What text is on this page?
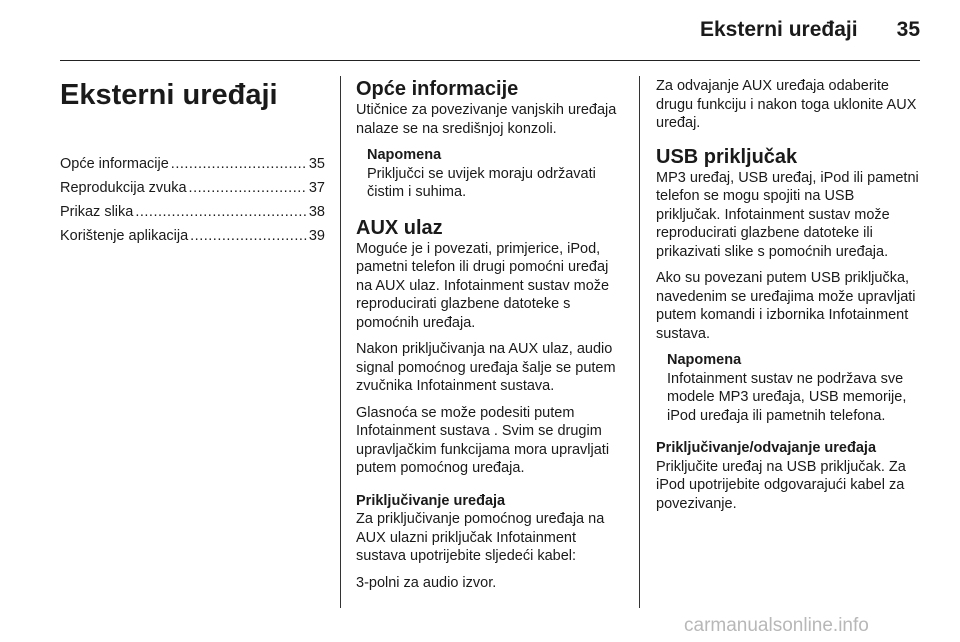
Eksterni uređaji	35
Eksterni uređaji
Opće informacije .....	35
Reprodukcija zvuka .....	37
Prikaz slika .....	38
Korištenje aplikacija .....	39
Opće informacije

Utičnice za povezivanje vanjskih uređaja nalaze se na središnjoj konzoli.

Napomena
Priključci se uvijek moraju održavati čistim i suhima.
AUX ulaz

Moguće je i povezati, primjerice, iPod, pametni telefon ili drugi pomoćni uređaj na AUX ulaz. Infotainment sustav može reproducirati glazbene datoteke s pomoćnih uređaja.

Nakon priključivanja na AUX ulaz, audio signal pomoćnog uređaja šalje se putem zvučnika Infotainment sustava.

Glasnoća se može podesiti putem Infotainment sustava . Svim se drugim upravljačkim funkcijama mora upravljati putem pomoćnog uređaja.

Priključivanje uređaja

Za priključivanje pomoćnog uređaja na AUX ulazni priključak Infotainment sustava upotrijebite sljedeći kabel:

3-polni za audio izvor.

Za odvajanje AUX uređaja odaberite drugu funkciju i nakon toga uklonite AUX uređaj.

USB priključak

MP3 uređaj, USB uređaj, iPod ili pametni telefon se mogu spojiti na USB priključak. Infotainment sustav može reproducirati glazbene datoteke ili prikazivati slike s pomoćnih uređaja.

Ako su povezani putem USB priključka, navedenim se uređajima može upravljati putem komandi i izbornika Infotainment sustava.

Napomena
Infotainment sustav ne podržava sve modele MP3 uređaja, USB memorije, iPod uređaja ili pametnih telefona.
Priključivanje/odvajanje uređaja

Priključite uređaj na USB priključak. Za iPod upotrijebite odgovarajući kabel za povezivanje.

carmanualsonline.info
